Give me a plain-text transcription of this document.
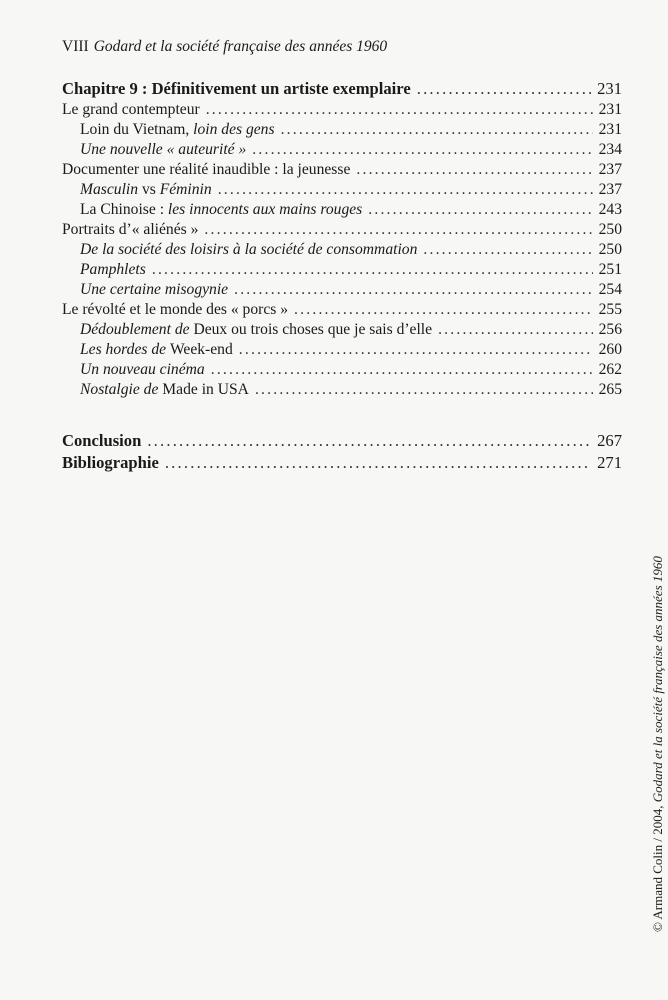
VIII Godard et la société française des années 1960
Chapitre 9 : Définitivement un artiste exemplaire .....	231
Le grand contempteur .....	231
Loin du Vietnam, loin des gens .....	231
Une nouvelle « auteurité » .....	234
Documenter une réalité inaudible : la jeunesse .....	237
Masculin vs Féminin .....	237
La Chinoise : les innocents aux mains rouges .....	243
Portraits d’« aliénés » .....	250
De la société des loisirs à la société de consommation .....	250
Pamphlets .....	251
Une certaine misogynie .....	254
Le révolté et le monde des « porcs » .....	255
Dédoublement de Deux ou trois choses que je sais d’elle .....	256
Les hordes de Week-end .....	260
Un nouveau cinéma .....	262
Nostalgie de Made in USA .....	265
Conclusion .....	267
Bibliographie .....	271
© Armand Colin / 2004, Godard et la société française des années 1960
